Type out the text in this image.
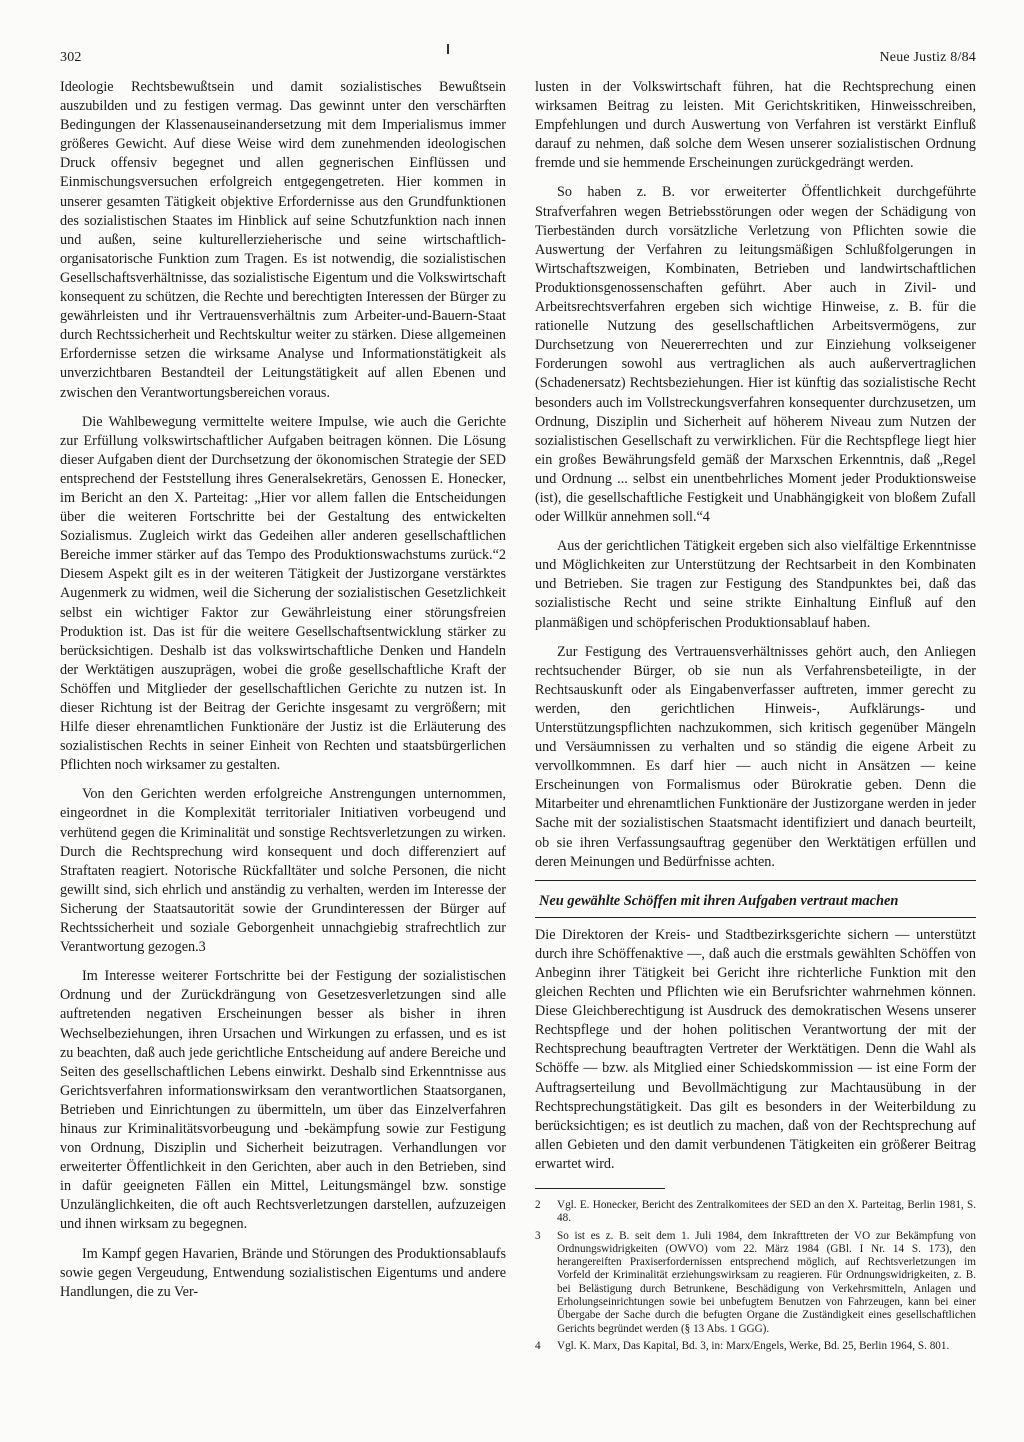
302	Neue Justiz 8/84

Ideologie Rechtsbewußtsein und damit sozialistisches Bewußtsein auszubilden und zu festigen vermag. Das gewinnt unter den verschärften Bedingungen der Klassenauseinandersetzung mit dem Imperialismus immer größeres Gewicht. Auf diese Weise wird dem zunehmenden ideologischen Druck offensiv begegnet und allen gegnerischen Einflüssen und Einmischungsversuchen erfolgreich entgegengetreten. Hier kommen in unserer gesamten Tätigkeit objektive Erfordernisse aus den Grundfunktionen des sozialistischen Staates im Hinblick auf seine Schutzfunktion nach innen und außen, seine kulturellerzieherische und seine wirtschaftlich-organisatorische Funktion zum Tragen. Es ist notwendig, die sozialistischen Gesellschaftsverhältnisse, das sozialistische Eigentum und die Volkswirtschaft konsequent zu schützen, die Rechte und berechtigten Interessen der Bürger zu gewährleisten und ihr Vertrauensverhältnis zum Arbeiter-und-Bauern-Staat durch Rechtssicherheit und Rechtskultur weiter zu stärken. Diese allgemeinen Erfordernisse setzen die wirksame Analyse und Informationstätigkeit als unverzichtbaren Bestandteil der Leitungstätigkeit auf allen Ebenen und zwischen den Verantwortungsbereichen voraus.

Die Wahlbewegung vermittelte weitere Impulse, wie auch die Gerichte zur Erfüllung volkswirtschaftlicher Aufgaben beitragen können. Die Lösung dieser Aufgaben dient der Durchsetzung der ökonomischen Strategie der SED entsprechend der Feststellung ihres Generalsekretärs, Genossen E. Honecker, im Bericht an den X. Parteitag: „Hier vor allem fallen die Entscheidungen über die weiteren Fortschritte bei der Gestaltung des entwickelten Sozialismus. Zugleich wirkt das Gedeihen aller anderen gesellschaftlichen Bereiche immer stärker auf das Tempo des Produktionswachstums zurück.“2 Diesem Aspekt gilt es in der weiteren Tätigkeit der Justizorgane verstärktes Augenmerk zu widmen, weil die Sicherung der sozialistischen Gesetzlichkeit selbst ein wichtiger Faktor zur Gewährleistung einer störungsfreien Produktion ist. Das ist für die weitere Gesellschaftsentwicklung stärker zu berücksichtigen. Deshalb ist das volkswirtschaftliche Denken und Handeln der Werktätigen auszuprägen, wobei die große gesellschaftliche Kraft der Schöffen und Mitglieder der gesellschaftlichen Gerichte zu nutzen ist. In dieser Richtung ist der Beitrag der Gerichte insgesamt zu vergrößern; mit Hilfe dieser ehrenamtlichen Funktionäre der Justiz ist die Erläuterung des sozialistischen Rechts in seiner Einheit von Rechten und staatsbürgerlichen Pflichten noch wirksamer zu gestalten.

Von den Gerichten werden erfolgreiche Anstrengungen unternommen, eingeordnet in die Komplexität territorialer Initiativen vorbeugend und verhütend gegen die Kriminalität und sonstige Rechtsverletzungen zu wirken. Durch die Rechtsprechung wird konsequent und doch differenziert auf Straftaten reagiert. Notorische Rückfalltäter und solche Personen, die nicht gewillt sind, sich ehrlich und anständig zu verhalten, werden im Interesse der Sicherung der Staatsautorität sowie der Grundinteressen der Bürger auf Rechtssicherheit und soziale Geborgenheit unnachgiebig strafrechtlich zur Verantwortung gezogen.3

Im Interesse weiterer Fortschritte bei der Festigung der sozialistischen Ordnung und der Zurückdrängung von Gesetzesverletzungen sind alle auftretenden negativen Erscheinungen besser als bisher in ihren Wechselbeziehungen, ihren Ursachen und Wirkungen zu erfassen, und es ist zu beachten, daß auch jede gerichtliche Entscheidung auf andere Bereiche und Seiten des gesellschaftlichen Lebens einwirkt. Deshalb sind Erkenntnisse aus Gerichtsverfahren informationswirksam den verantwortlichen Staatsorganen, Betrieben und Einrichtungen zu übermitteln, um über das Einzelverfahren hinaus zur Kriminalitätsvorbeugung und -bekämpfung sowie zur Festigung von Ordnung, Disziplin und Sicherheit beizutragen. Verhandlungen vor erweiterter Öffentlichkeit in den Gerichten, aber auch in den Betrieben, sind in dafür geeigneten Fällen ein Mittel, Leitungsmängel bzw. sonstige Unzulänglichkeiten, die oft auch Rechtsverletzungen darstellen, aufzuzeigen und ihnen wirksam zu begegnen.

Im Kampf gegen Havarien, Brände und Störungen des Produktionsablaufs sowie gegen Vergeudung, Entwendung sozialistischen Eigentums und andere Handlungen, die zu Ver-

lusten in der Volkswirtschaft führen, hat die Rechtsprechung einen wirksamen Beitrag zu leisten. Mit Gerichtskritiken, Hinweisschreiben, Empfehlungen und durch Auswertung von Verfahren ist verstärkt Einfluß darauf zu nehmen, daß solche dem Wesen unserer sozialistischen Ordnung fremde und sie hemmende Erscheinungen zurückgedrängt werden.

So haben z. B. vor erweiterter Öffentlichkeit durchgeführte Strafverfahren wegen Betriebsstörungen oder wegen der Schädigung von Tierbeständen durch vorsätzliche Verletzung von Pflichten sowie die Auswertung der Verfahren zu leitungsmäßigen Schlußfolgerungen in Wirtschaftszweigen, Kombinaten, Betrieben und landwirtschaftlichen Produktionsgenossenschaften geführt. Aber auch in Zivil- und Arbeitsrechtsverfahren ergeben sich wichtige Hinweise, z. B. für die rationelle Nutzung des gesellschaftlichen Arbeitsvermögens, zur Durchsetzung von Neuererrechten und zur Einziehung volkseigener Forderungen sowohl aus vertraglichen als auch außervertraglichen (Schadenersatz) Rechtsbeziehungen. Hier ist künftig das sozialistische Recht besonders auch im Vollstreckungsverfahren konsequenter durchzusetzen, um Ordnung, Disziplin und Sicherheit auf höherem Niveau zum Nutzen der sozialistischen Gesellschaft zu verwirklichen. Für die Rechtspflege liegt hier ein großes Bewährungsfeld gemäß der Marxschen Erkenntnis, daß „Regel und Ordnung ... selbst ein unentbehrliches Moment jeder Produktionsweise (ist), die gesellschaftliche Festigkeit und Unabhängigkeit von bloßem Zufall oder Willkür annehmen soll.“4

Aus der gerichtlichen Tätigkeit ergeben sich also vielfältige Erkenntnisse und Möglichkeiten zur Unterstützung der Rechtsarbeit in den Kombinaten und Betrieben. Sie tragen zur Festigung des Standpunktes bei, daß das sozialistische Recht und seine strikte Einhaltung Einfluß auf den planmäßigen und schöpferischen Produktionsablauf haben.

Zur Festigung des Vertrauensverhältnisses gehört auch, den Anliegen rechtsuchender Bürger, ob sie nun als Verfahrensbeteiligte, in der Rechtsauskunft oder als Eingabenverfasser auftreten, immer gerecht zu werden, den gerichtlichen Hinweis-, Aufklärungs- und Unterstützungspflichten nachzukommen, sich kritisch gegenüber Mängeln und Versäumnissen zu verhalten und so ständig die eigene Arbeit zu vervollkommnen. Es darf hier — auch nicht in Ansätzen — keine Erscheinungen von Formalismus oder Bürokratie geben. Denn die Mitarbeiter und ehrenamtlichen Funktionäre der Justizorgane werden in jeder Sache mit der sozialistischen Staatsmacht identifiziert und danach beurteilt, ob sie ihren Verfassungsauftrag gegenüber den Werktätigen erfüllen und deren Meinungen und Bedürfnisse achten.

Neu gewählte Schöffen mit ihren Aufgaben vertraut machen

Die Direktoren der Kreis- und Stadtbezirksgerichte sichern — unterstützt durch ihre Schöffenaktive —, daß auch die erstmals gewählten Schöffen von Anbeginn ihrer Tätigkeit bei Gericht ihre richterliche Funktion mit den gleichen Rechten und Pflichten wie ein Berufsrichter wahrnehmen können. Diese Gleichberechtigung ist Ausdruck des demokratischen Wesens unserer Rechtspflege und der hohen politischen Verantwortung der mit der Rechtsprechung beauftragten Vertreter der Werktätigen. Denn die Wahl als Schöffe — bzw. als Mitglied einer Schiedskommission — ist eine Form der Auftragserteilung und Bevollmächtigung zur Machtausübung in der Rechtsprechungstätigkeit. Das gilt es besonders in der Weiterbildung zu berücksichtigen; es ist deutlich zu machen, daß von der Rechtsprechung auf allen Gebieten und den damit verbundenen Tätigkeiten ein größerer Beitrag erwartet wird.

2	Vgl. E. Honecker, Bericht des Zentralkomitees der SED an den X. Parteitag, Berlin 1981, S. 48.
3	So ist es z. B. seit dem 1. Juli 1984, dem Inkrafttreten der VO zur Bekämpfung von Ordnungswidrigkeiten (OWVO) vom 22. März 1984 (GBl. I Nr. 14 S. 173), den herangereiften Praxiserfordernissen entsprechend möglich, auf Rechtsverletzungen im Vorfeld der Kriminalität erziehungswirksam zu reagieren. Für Ordnungswidrigkeiten, z. B. bei Belästigung durch Betrunkene, Beschädigung von Verkehrsmitteln, Anlagen und Erholungseinrichtungen sowie bei unbefugtem Benutzen von Fahrzeugen, kann bei einer Übergabe der Sache durch die befugten Organe die Zuständigkeit eines gesellschaftlichen Gerichts begründet werden (§ 13 Abs. 1 GGG).
4	Vgl. K. Marx, Das Kapital, Bd. 3, in: Marx/Engels, Werke, Bd. 25, Berlin 1964, S. 801.
